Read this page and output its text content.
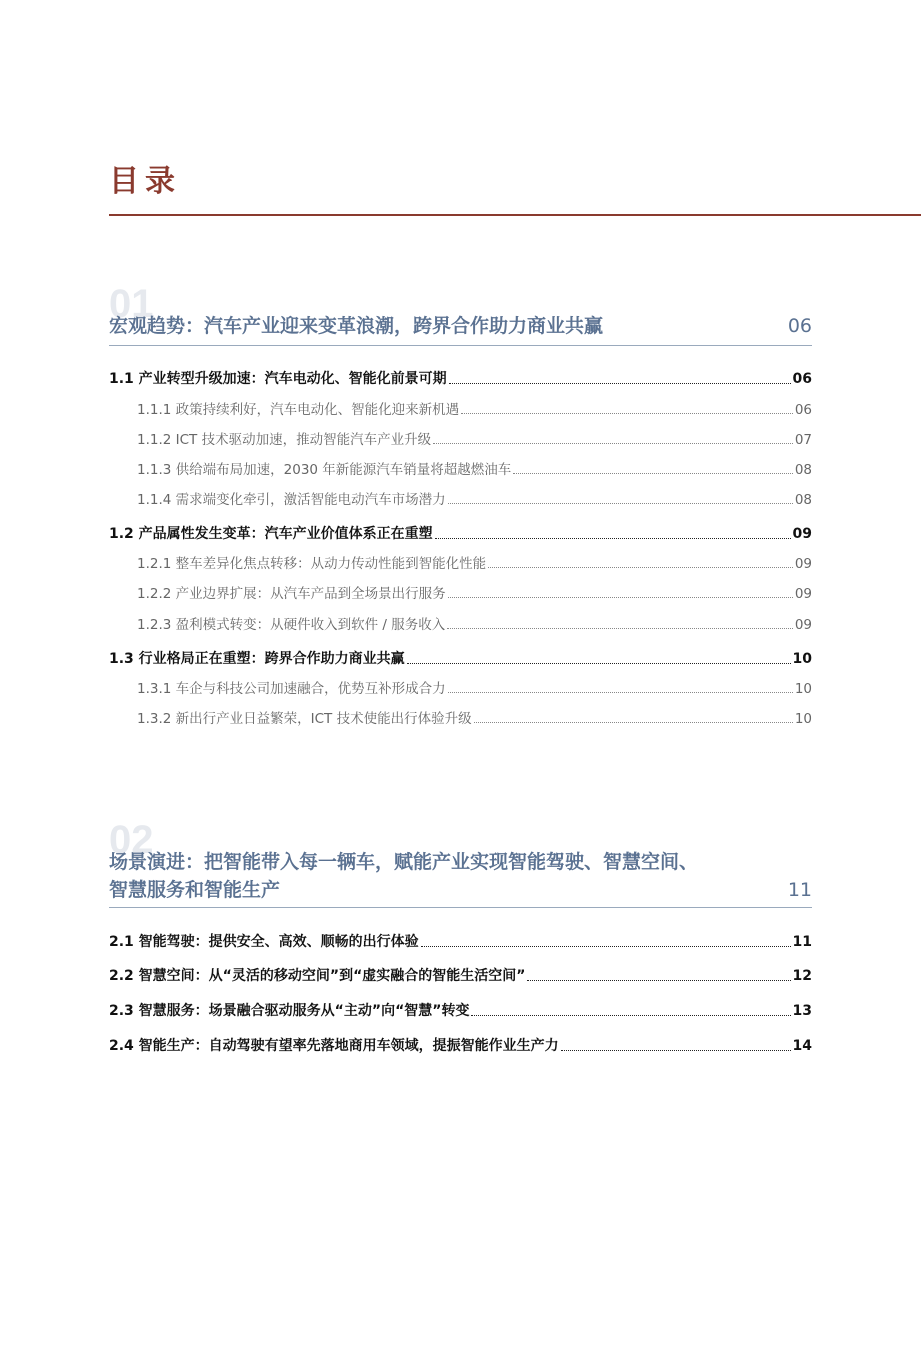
目录
01
宏观趋势：汽车产业迎来变革浪潮，跨界合作助力商业共赢	06
1.1 产业转型升级加速：汽车电动化、智能化前景可期	06
1.1.1 政策持续利好，汽车电动化、智能化迎来新机遇	06
1.1.2 ICT 技术驱动加速，推动智能汽车产业升级	07
1.1.3 供给端布局加速，2030 年新能源汽车销量将超越燃油车	08
1.1.4 需求端变化牵引，激活智能电动汽车市场潜力	08
1.2 产品属性发生变革：汽车产业价值体系正在重塑	09
1.2.1 整车差异化焦点转移：从动力传动性能到智能化性能	09
1.2.2 产业边界扩展：从汽车产品到全场景出行服务	09
1.2.3 盈利模式转变：从硬件收入到软件 / 服务收入	09
1.3 行业格局正在重塑：跨界合作助力商业共赢	10
1.3.1 车企与科技公司加速融合，优势互补形成合力	10
1.3.2 新出行产业日益繁荣，ICT 技术使能出行体验升级	10
02
场景演进：把智能带入每一辆车，赋能产业实现智能驾驶、智慧空间、
智慧服务和智能生产	11
2.1 智能驾驶：提供安全、高效、顺畅的出行体验	11
2.2 智慧空间：从“灵活的移动空间”到“虚实融合的智能生活空间”	12
2.3 智慧服务：场景融合驱动服务从“主动”向“智慧”转变	13
2.4 智能生产：自动驾驶有望率先落地商用车领域，提振智能作业生产力	14
